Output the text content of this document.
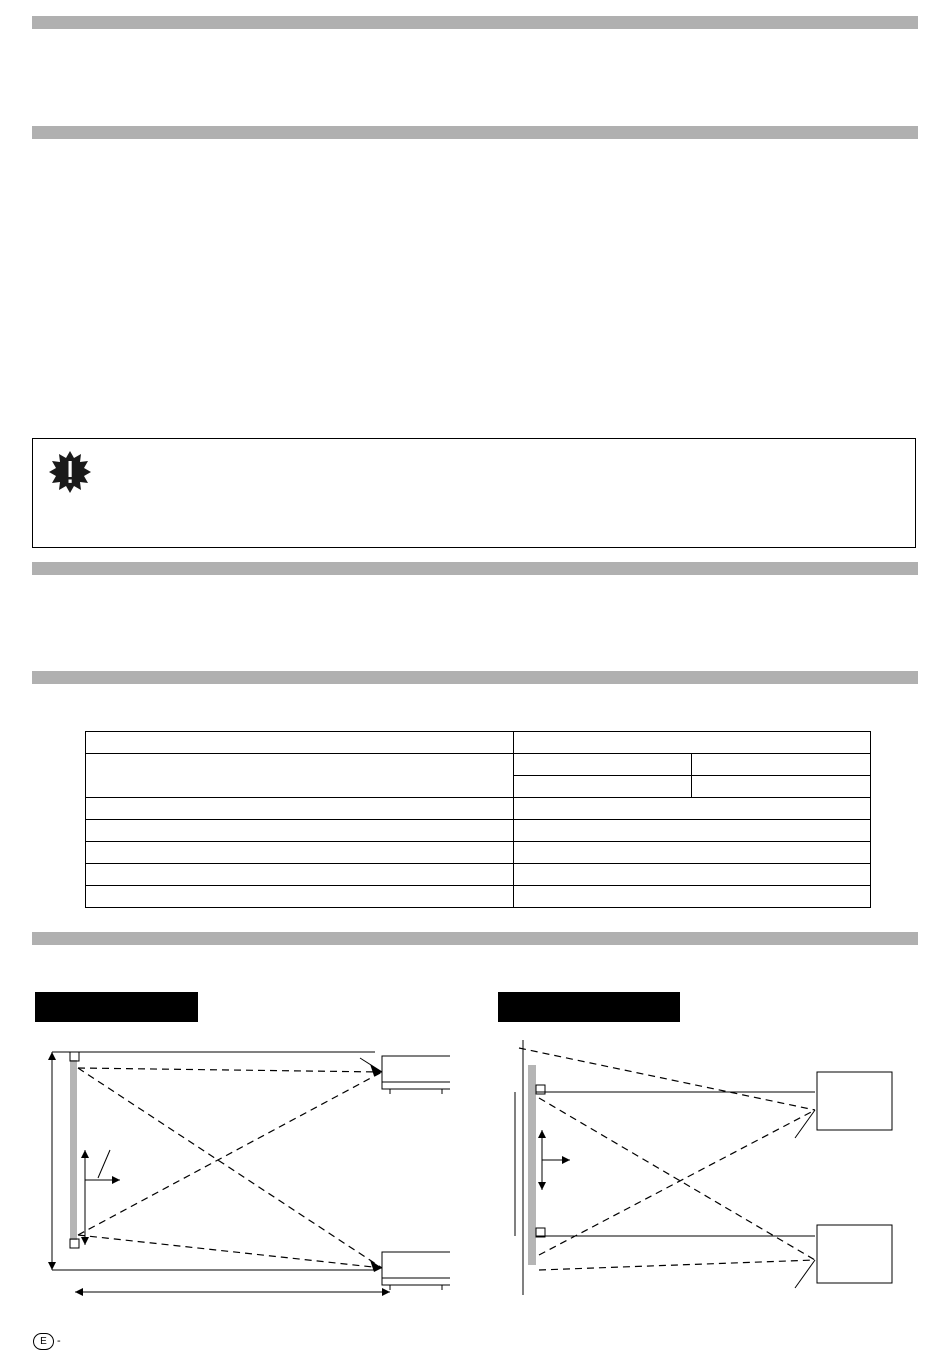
E -
